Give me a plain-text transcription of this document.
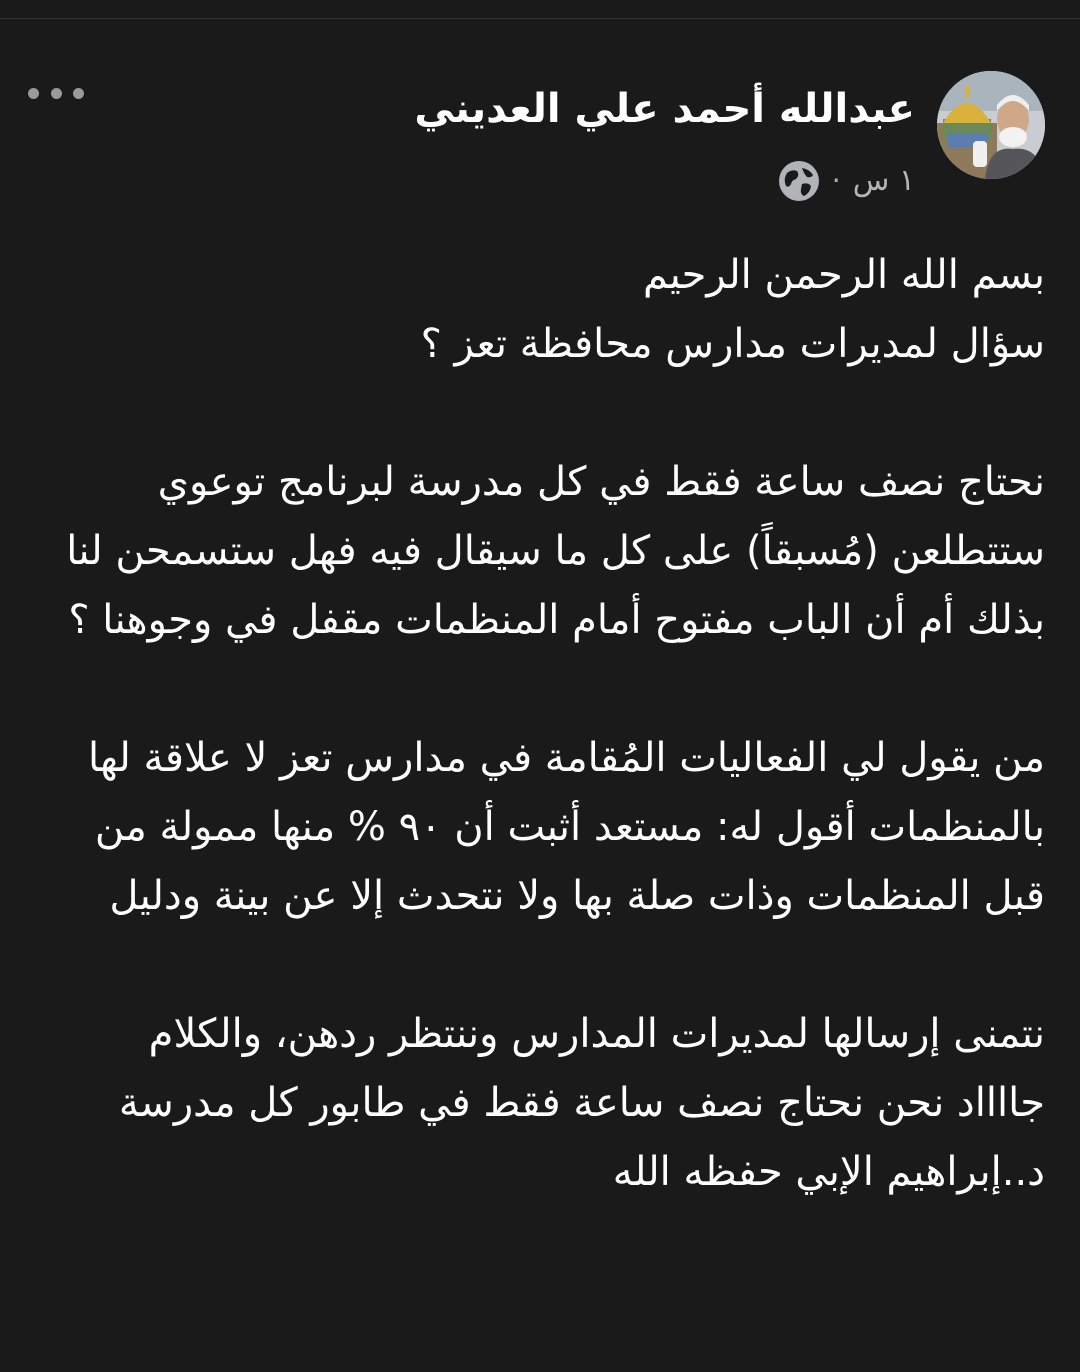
عبدالله أحمد علي العديني
١ س
·

بسم الله الرحمن الرحيم
سؤال لمديرات مدارس محافظة تعز ؟

نحتاج نصف ساعة فقط في كل مدرسة لبرنامج توعوي ستتطلعن (مُسبقاً) على كل ما سيقال فيه فهل ستسمحن لنا بذلك أم أن الباب مفتوح أمام المنظمات مقفل في وجوهنا ؟

من يقول لي الفعاليات المُقامة في مدارس تعز لا علاقة لها بالمنظمات أقول له: مستعد أثبت أن ٩٠ % منها ممولة من قبل المنظمات وذات صلة بها ولا نتحدث إلا عن بينة ودليل

نتمنى إرسالها لمديرات المدارس وننتظر ردهن، والكلام جااااد نحن نحتاج نصف ساعة فقط في طابور كل مدرسة د..إبراهيم الإبي حفظه الله
